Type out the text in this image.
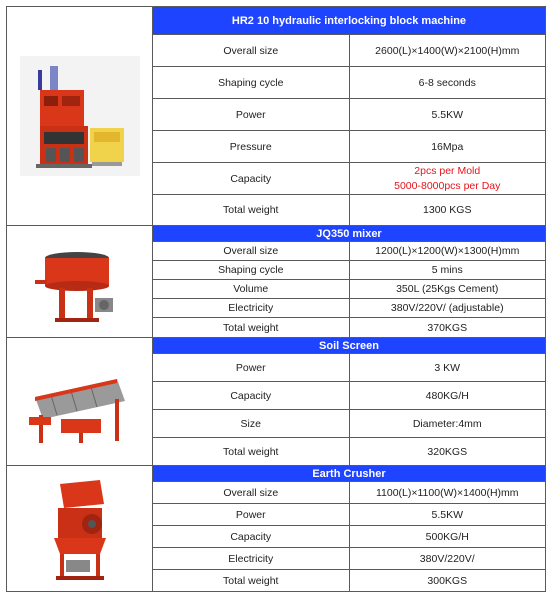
	HR2 10 hydraulic interlocking block machine	
	Overall size	2600(L)×1400(W)×2100(H)mm
	Shaping cycle	6-8 seconds
	Power	5.5KW
	Pressure	16Mpa
	Capacity	2pcs per Mold
5000-8000pcs per Day

	Total weight	1300 KGS

	JQ350 mixer	
	Overall size	1200(L)×1200(W)×1300(H)mm
	Shaping cycle	5 mins
	Volume	350L (25Kgs Cement)
	Electricity	380V/220V/ (adjustable)
	Total weight	370KGS

	Soil Screen	
	Power	3 KW
	Capacity	480KG/H
	Size	Diameter:4mm
	Total weight	320KGS

	Earth Crusher	
	Overall size	1100(L)×1100(W)×1400(H)mm
	Power	5.5KW
	Capacity	500KG/H
	Electricity	380V/220V/
	Total weight	300KGS
